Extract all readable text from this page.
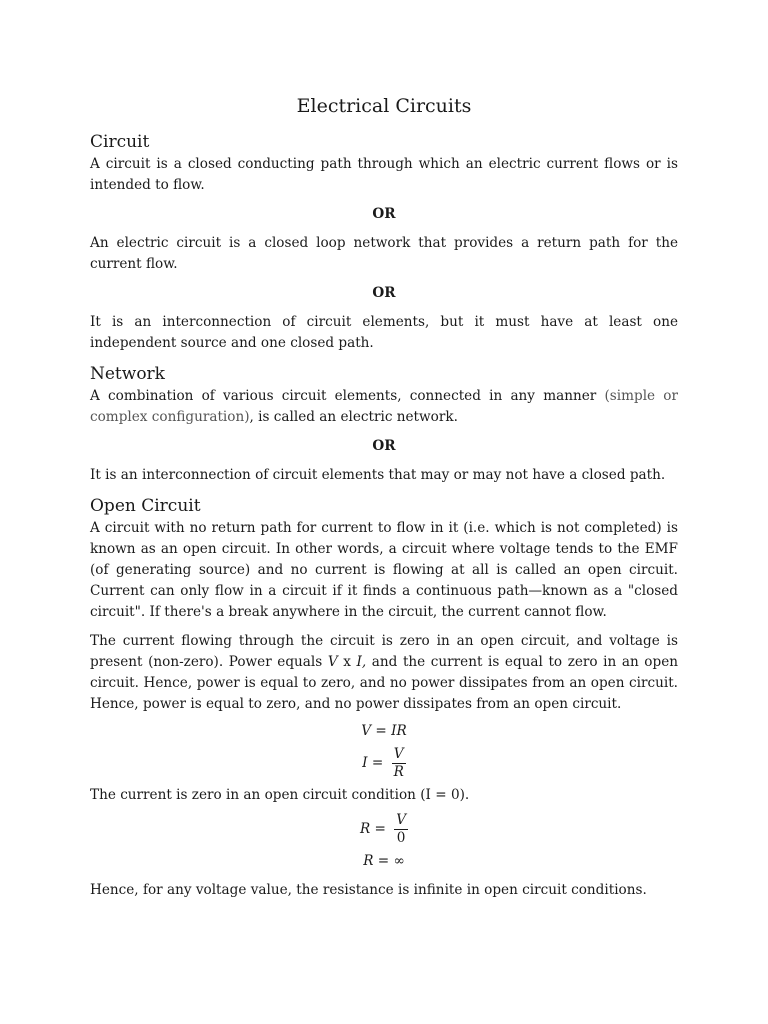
Electrical Circuits
Circuit

A circuit is a closed conducting path through which an electric current flows or is intended to flow.

OR

An electric circuit is a closed loop network that provides a return path for the current flow.

OR

It is an interconnection of circuit elements, but it must have at least one independent source and one closed path.

Network

A combination of various circuit elements, connected in any manner (simple or complex configuration), is called an electric network.

OR

It is an interconnection of circuit elements that may or may not have a closed path.

Open Circuit

A circuit with no return path for current to flow in it (i.e. which is not completed) is known as an open circuit. In other words, a circuit where voltage tends to the EMF (of generating source) and no current is flowing at all is called an open circuit. Current can only flow in a circuit if it finds a continuous path—known as a "closed circuit". If there's a break anywhere in the circuit, the current cannot flow.

The current flowing through the circuit is zero in an open circuit, and voltage is present (non-zero). Power equals V x I, and the current is equal to zero in an open circuit. Hence, power is equal to zero, and no power dissipates from an open circuit. Hence, power is equal to zero, and no power dissipates from an open circuit.

V = IR
$I = \frac{V}{R}$

The current is zero in an open circuit condition (I = 0).

$R = \frac{V}{0}$
R = ∞

Hence, for any voltage value, the resistance is infinite in open circuit conditions.
